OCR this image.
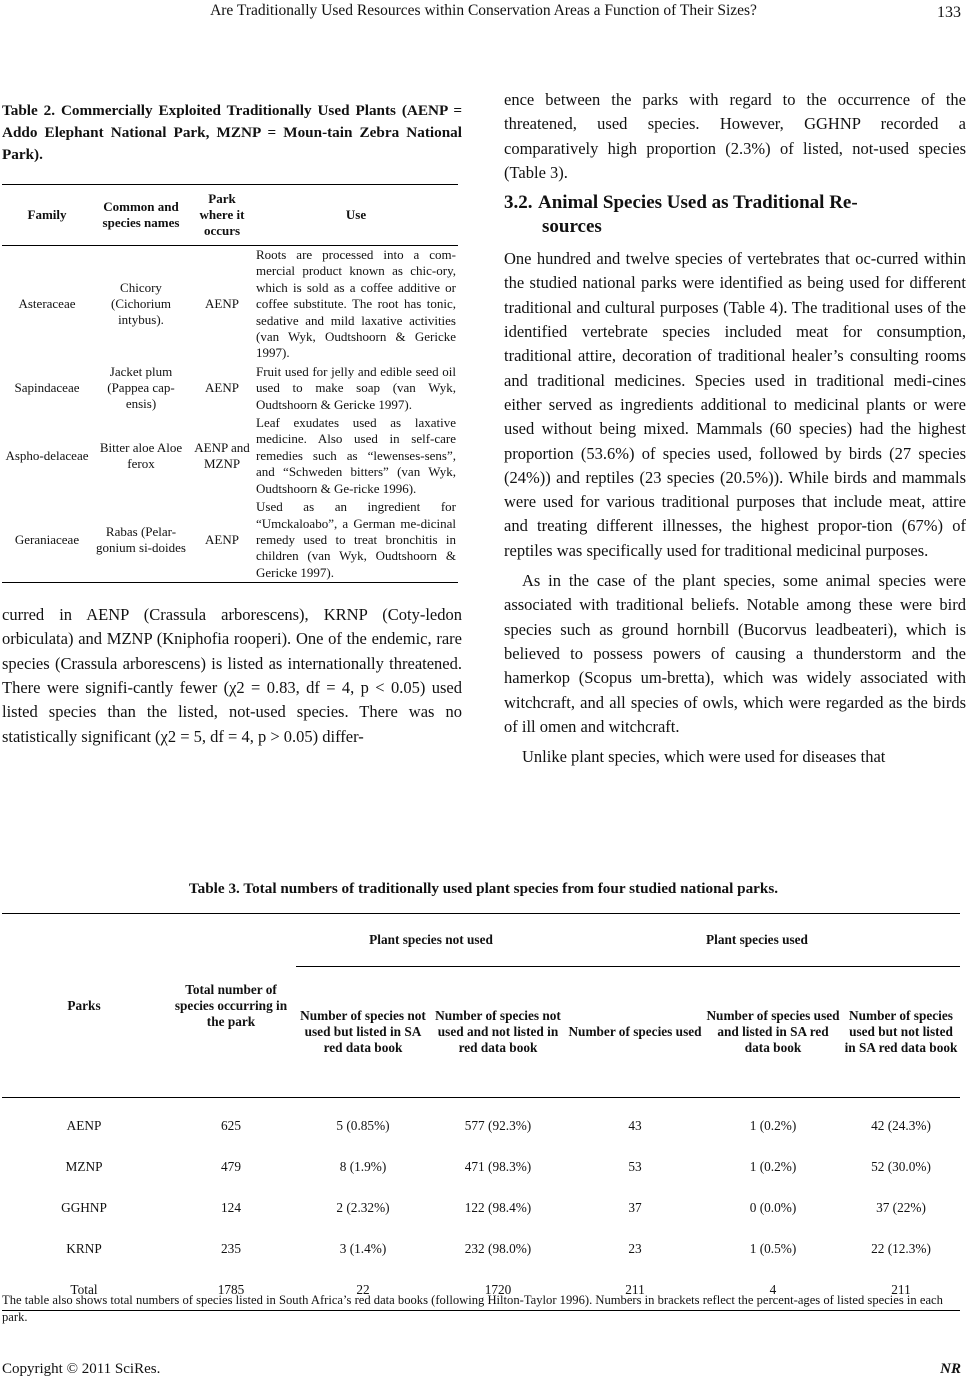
Are Traditionally Used Resources within Conservation Areas a Function of Their Sizes?	133
Table 2. Commercially Exploited Traditionally Used Plants (AENP = Addo Elephant National Park, MZNP = Moun-tain Zebra National Park).
Family	Common and species names	Park where it occurs	Use
Asteraceae	Chicory (Cichorium intybus).	AENP	Roots are processed into a com-mercial product known as chic-ory, which is sold as a coffee additive or coffee substitute. The root has tonic, sedative and mild laxative activities (van Wyk, Oudtshoorn & Gericke 1997).
Sapindaceae	Jacket plum (Pappea cap-ensis)	AENP	Fruit used for jelly and edible seed oil used to make soap (van Wyk, Oudtshoorn & Gericke 1997).
Aspho-delaceae	Bitter aloe Aloe ferox	AENP and MZNP	Leaf exudates used as laxative medicine. Also used in self-care remedies such as “lewenses-sens”, and “Schweden bitters” (van Wyk, Oudtshoorn & Ge-ricke 1996).
Geraniaceae	Rabas (Pelar-gonium si-doides	AENP	Used as an ingredient for “Umckaloabo”, a German me-dicinal remedy used to treat bronchitis in children (van Wyk, Oudtshoorn & Gericke 1997).

curred in AENP (Crassula arborescens), KRNP (Coty-ledon orbiculata) and MZNP (Kniphofia rooperi). One of the endemic, rare species (Crassula arborescens) is listed as internationally threatened. There were signifi-cantly fewer (χ2 = 0.83, df = 4, p < 0.05) used listed species than the listed, not-used species. There was no statistically significant (χ2 = 5, df = 4, p > 0.05) differ-

ence between the parks with regard to the occurrence of the threatened, used species. However, GGHNP recorded a comparatively high proportion (2.3%) of listed, not-used species (Table 3).

3.2. Animal Species Used as Traditional Re-
sources

One hundred and twelve species of vertebrates that oc-curred within the studied national parks were identified as being used for different traditional and cultural purposes (Table 4). The traditional uses of the identified vertebrate species included meat for consumption, traditional attire, decoration of traditional healer’s consulting rooms and traditional medicines. Species used in traditional medi-cines either served as ingredients additional to medicinal plants or were used without being mixed. Mammals (60 species) had the highest proportion (53.6%) of species used, followed by birds (27 species (24%)) and reptiles (23 species (20.5%)). While birds and mammals were used for various traditional purposes that include meat, attire and treating different illnesses, the highest propor-tion (67%) of reptiles was specifically used for traditional medicinal purposes.

As in the case of the plant species, some animal species were associated with traditional beliefs. Notable among these were bird species such as ground hornbill (Bucorvus leadbeateri), which is believed to possess powers of causing a thunderstorm and the hamerkop (Scopus um-bretta), which was widely associated with witchcraft, and all species of owls, which were regarded as the birds of ill omen and witchcraft.

Unlike plant species, which were used for diseases that

Table 3. Total numbers of traditionally used plant species from four studied national parks.
Parks	Total number of species occurring in the park	Plant species not used		Plant species used		
		Number of species not used but listed in SA red data book	Number of species not used and not listed in red data book	Number of species used	Number of species used and listed in SA red data book	Number of species used but not listed in SA red data book
AENP	625	5 (0.85%)	577 (92.3%)	43	1 (0.2%)	42 (24.3%)
MZNP	479	8 (1.9%)	471 (98.3%)	53	1 (0.2%)	52 (30.0%)
GGHNP	124	2 (2.32%)	122 (98.4%)	37	0 (0.0%)	37 (22%)
KRNP	235	3 (1.4%)	232 (98.0%)	23	1 (0.5%)	22 (12.3%)
Total	1785	22	1720	211	4	211
The table also shows total numbers of species listed in South Africa’s red data books (following Hilton-Taylor 1996). Numbers in brackets reflect the percent-ages of listed species in each park.
Copyright © 2011 SciRes.	NR
